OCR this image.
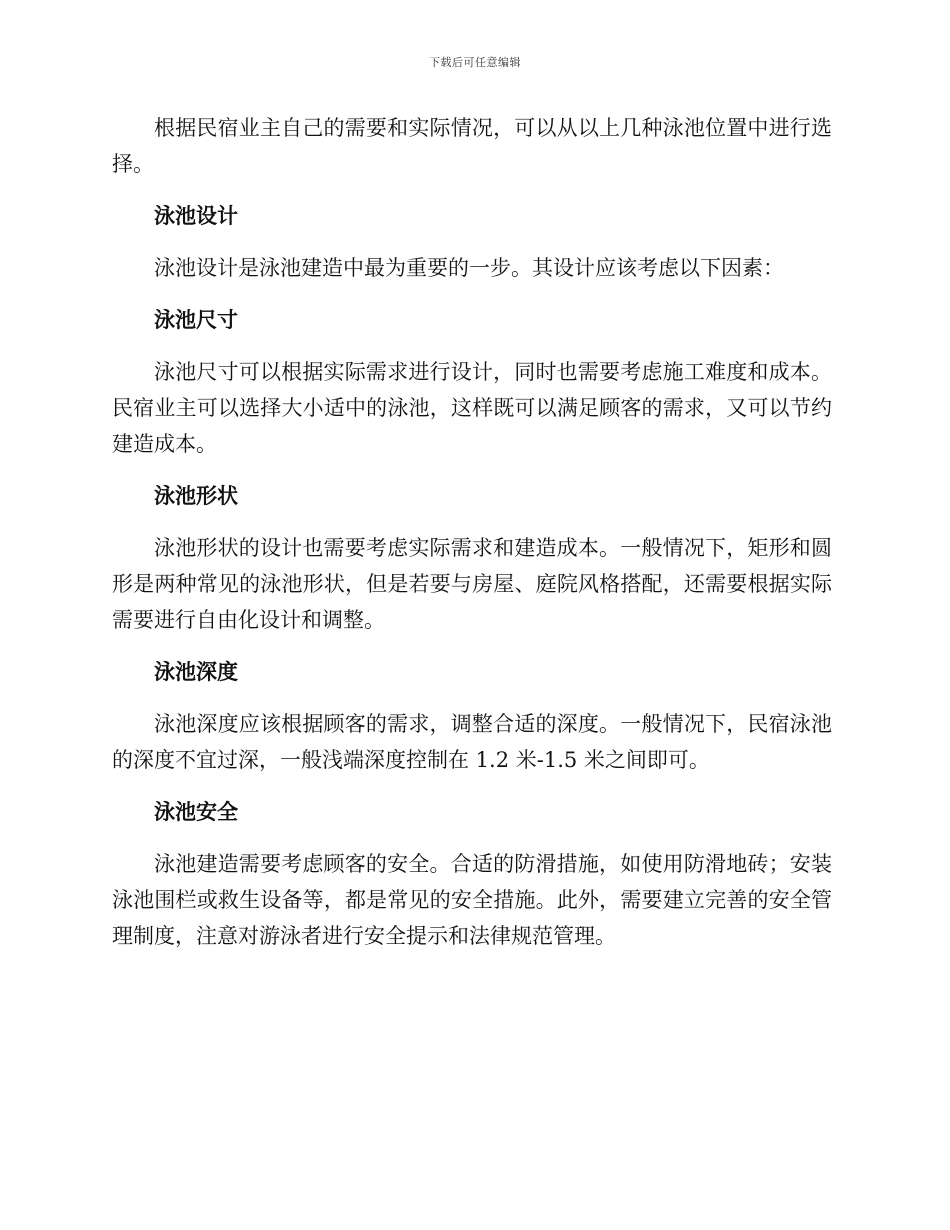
下载后可任意编辑

根据民宿业主自己的需要和实际情况，可以从以上几种泳池位置中进行选择。

泳池设计

泳池设计是泳池建造中最为重要的一步。其设计应该考虑以下因素：

泳池尺寸

泳池尺寸可以根据实际需求进行设计，同时也需要考虑施工难度和成本。民宿业主可以选择大小适中的泳池，这样既可以满足顾客的需求，又可以节约建造成本。

泳池形状

泳池形状的设计也需要考虑实际需求和建造成本。一般情况下，矩形和圆形是两种常见的泳池形状，但是若要与房屋、庭院风格搭配，还需要根据实际需要进行自由化设计和调整。

泳池深度

泳池深度应该根据顾客的需求，调整合适的深度。一般情况下，民宿泳池的深度不宜过深，一般浅端深度控制在 1.2 米-1.5 米之间即可。

泳池安全

泳池建造需要考虑顾客的安全。合适的防滑措施，如使用防滑地砖；安装泳池围栏或救生设备等，都是常见的安全措施。此外，需要建立完善的安全管理制度，注意对游泳者进行安全提示和法律规范管理。
